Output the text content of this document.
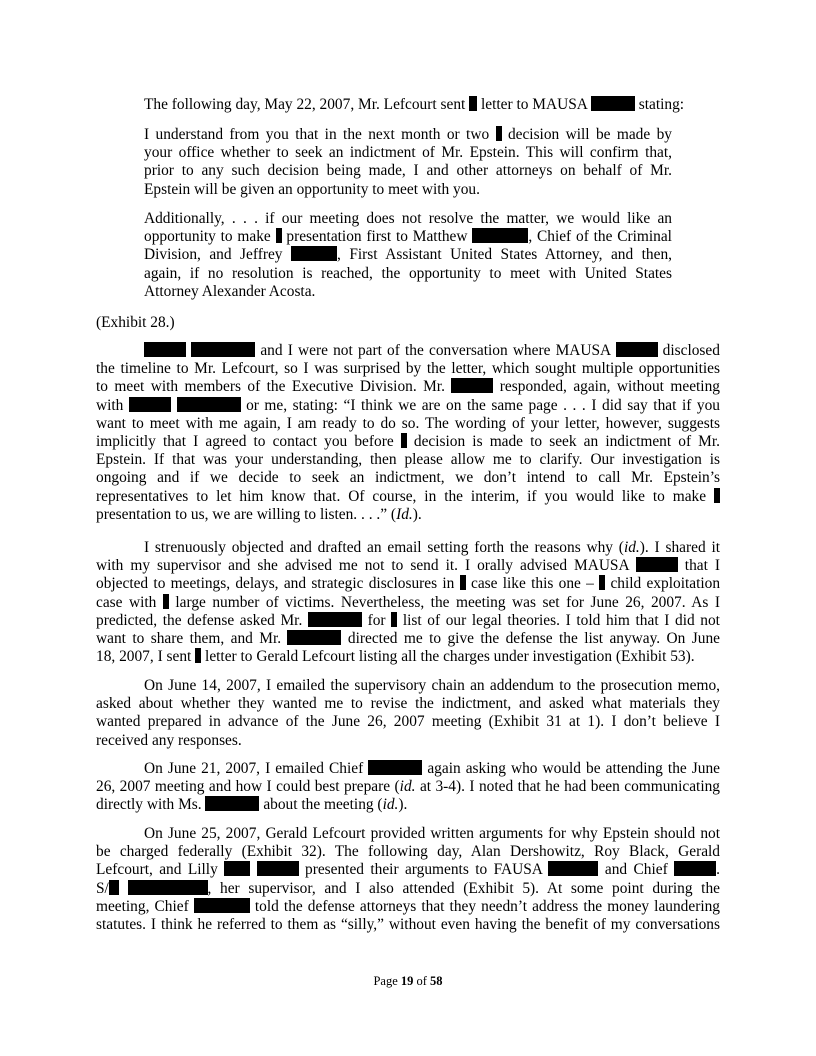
The following day, May 22, 2007, Mr. Lefcourt sent letter to MAUSA	stating:

I understand from you that in the next month or two decision will be made by
your office whether to seek an indictment of Mr. Epstein. This will confirm that,
prior to any such decision being made, I and other attorneys on behalf of Mr.
Epstein will be given an opportunity to meet with you.

Additionally, . . . if our meeting does not resolve the matter, we would like an
opportunity to make presentation first to Matthew	, Chief of the Criminal
Division, and Jeffrey	, First Assistant United States Attorney, and then,
again, if no resolution is reached, the opportunity to meet with United States
Attorney Alexander Acosta.

(Exhibit 28.)

and I were not part of the conversation where MAUSA	disclosed
the timeline to Mr. Lefcourt, so I was surprised by the letter, which sought multiple opportunities
to meet with members of the Executive Division. Mr.	responded, again, without meeting
with	or me, stating: “I think we are on the same page . . . I did say that if you
want to meet with me again, I am ready to do so. The wording of your letter, however, suggests
implicitly that I agreed to contact you before decision is made to seek an indictment of Mr.
Epstein. If that was your understanding, then please allow me to clarify. Our investigation is
ongoing and if we decide to seek an indictment, we don’t intend to call Mr. Epstein’s
representatives to let him know that. Of course, in the interim, if you would like to make
presentation to us, we are willing to listen. . . .” (Id.).

I strenuously objected and drafted an email setting forth the reasons why (id.). I shared it
with my supervisor and she advised me not to send it. I orally advised MAUSA	that I
objected to meetings, delays, and strategic disclosures in case like this one – child exploitation
case with large number of victims. Nevertheless, the meeting was set for June 26, 2007. As I
predicted, the defense asked Mr.	for list of our legal theories. I told him that I did not
want to share them, and Mr.	directed me to give the defense the list anyway. On June
18, 2007, I sent letter to Gerald Lefcourt listing all the charges under investigation (Exhibit 53).

On June 14, 2007, I emailed the supervisory chain an addendum to the prosecution memo,
asked about whether they wanted me to revise the indictment, and asked what materials they
wanted prepared in advance of the June 26, 2007 meeting (Exhibit 31 at 1). I don’t believe I
received any responses.

On June 21, 2007, I emailed Chief	again asking who would be attending the June
26, 2007 meeting and how I could best prepare (id. at 3-4). I noted that he had been communicating
directly with Ms.	about the meeting (id.).

On June 25, 2007, Gerald Lefcourt provided written arguments for why Epstein should not
be charged federally (Exhibit 32). The following day, Alan Dershowitz, Roy Black, Gerald
Lefcourt, and Lilly	presented their arguments to FAUSA	and Chief	.
S/	, her supervisor, and I also attended (Exhibit 5). At some point during the
meeting, Chief	told the defense attorneys that they needn’t address the money laundering
statutes. I think he referred to them as “silly,” without even having the benefit of my conversations

Page 19 of 58
